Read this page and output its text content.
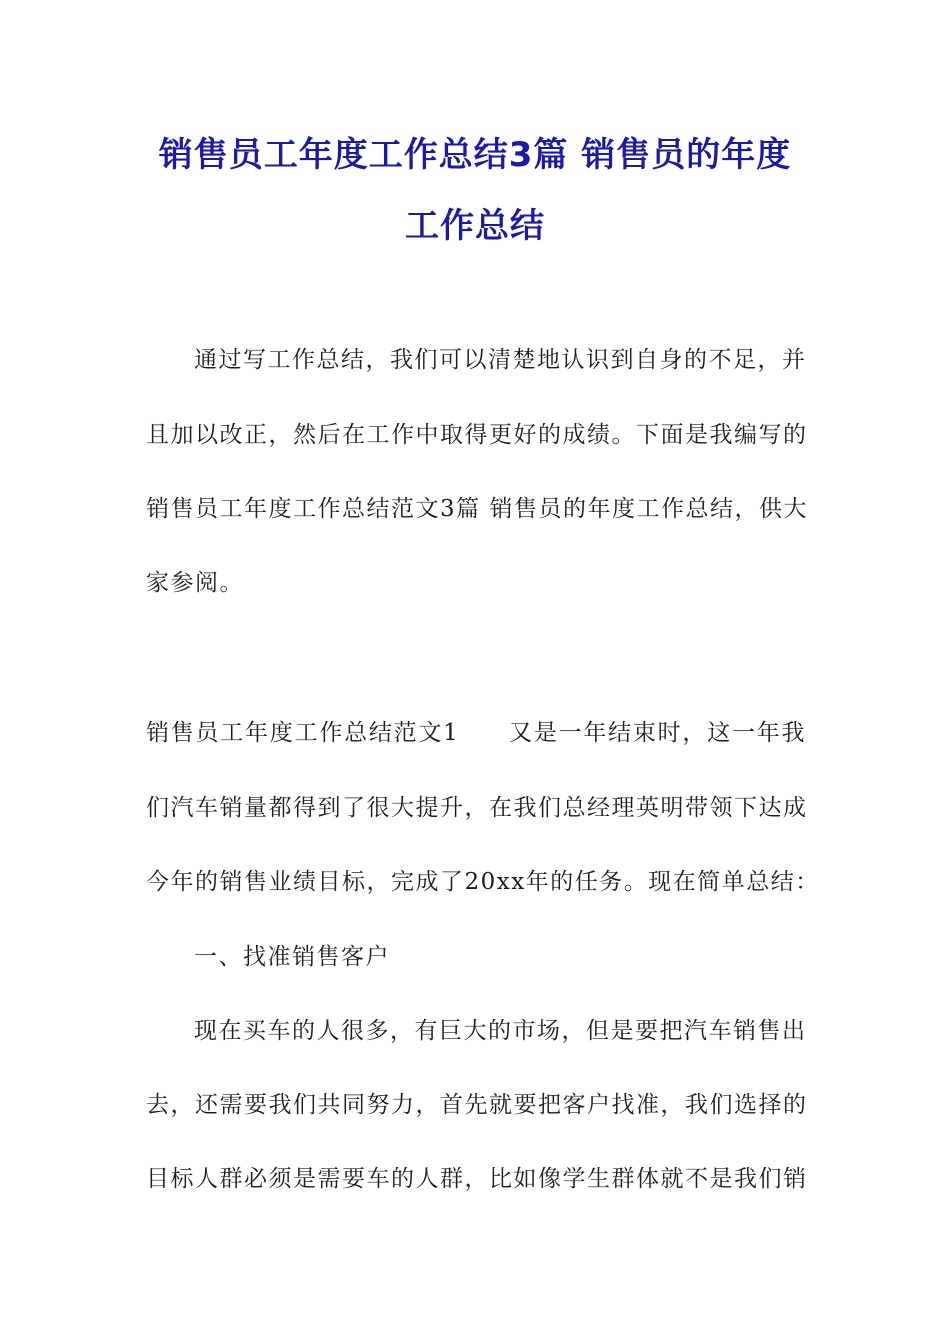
销售员工年度工作总结3篇 销售员的年度
工作总结
通过写工作总结，我们可以清楚地认识到自身的不足，并
且加以改正，然后在工作中取得更好的成绩。下面是我编写的
销售员工年度工作总结范文3篇 销售员的年度工作总结，供大
家参阅。
销售员工年度工作总结范文1　　又是一年结束时，这一年我
们汽车销量都得到了很大提升，在我们总经理英明带领下达成
今年的销售业绩目标，完成了20xx年的任务。现在简单总结：
一、找准销售客户
现在买车的人很多，有巨大的市场，但是要把汽车销售出
去，还需要我们共同努力，首先就要把客户找准，我们选择的
目标人群必须是需要车的人群，比如像学生群体就不是我们销
